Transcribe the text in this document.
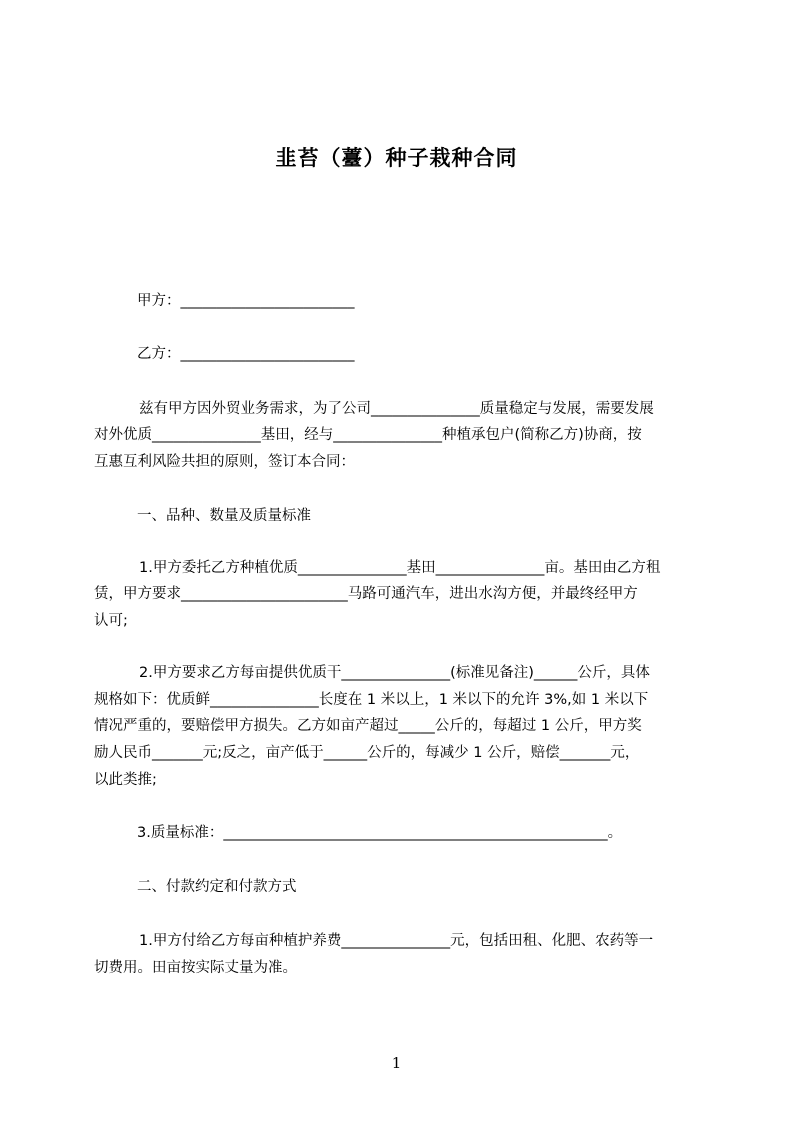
韭苔（薹）种子栽种合同
甲方：________________________
乙方：________________________
兹有甲方因外贸业务需求，为了公司_______________质量稳定与发展，需要发展
对外优质_______________基田，经与_______________种植承包户(简称乙方)协商，按
互惠互利风险共担的原则，签订本合同：
一、品种、数量及质量标准
1.甲方委托乙方种植优质_______________基田_______________亩。基田由乙方租
赁，甲方要求_______________________马路可通汽车，进出水沟方便，并最终经甲方
认可;
2.甲方要求乙方每亩提供优质干_______________(标准见备注)______公斤，具体
规格如下：优质鲜_______________长度在 1 米以上，1 米以下的允许 3%,如 1 米以下
情况严重的，要赔偿甲方损失。乙方如亩产超过_____公斤的，每超过 1 公斤，甲方奖
励人民币_______元;反之，亩产低于______公斤的，每减少 1 公斤，赔偿_______元，
以此类推;
3.质量标准：_____________________________________________________。
二、付款约定和付款方式
1.甲方付给乙方每亩种植护养费_______________元，包括田租、化肥、农药等一
切费用。田亩按实际丈量为准。
1
